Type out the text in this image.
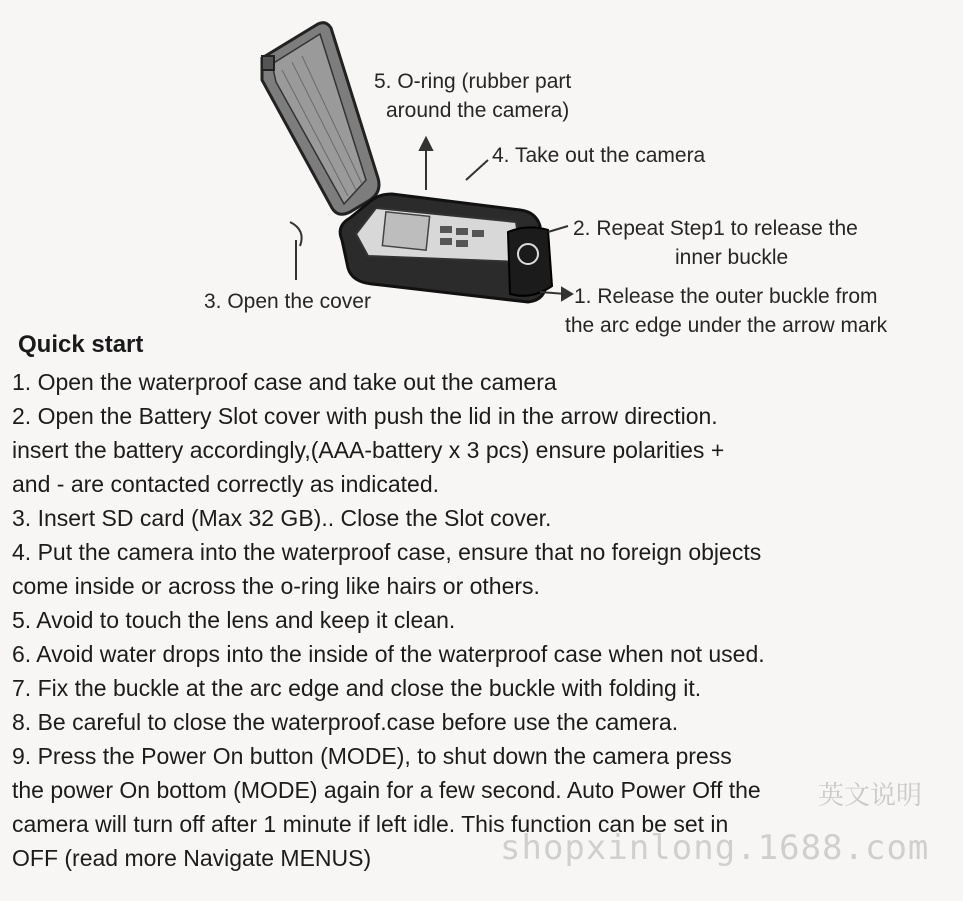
5. O-ring (rubber part
around the camera)
4. Take out the camera
2. Repeat Step1 to release the
inner buckle
3. Open the cover	1. Release the outer buckle from
the arc edge under the arrow mark
Quick start
1. Open the waterproof case and take out the camera
2. Open the Battery Slot cover with push the lid in the arrow direction.
insert the battery accordingly,(AAA-battery x 3 pcs) ensure polarities +
and - are contacted correctly as indicated.
3. Insert SD card (Max 32 GB).. Close the Slot cover.
4. Put the camera into the waterproof case, ensure that no foreign objects
come inside or across the o-ring like hairs or others.
5. Avoid to touch the lens and keep it clean.
6. Avoid water drops into the inside of the waterproof case when not used.
7. Fix the buckle at the arc edge and close the buckle with folding it.
8. Be careful to close the waterproof.case before use the camera.
9. Press the Power On button (MODE), to shut down the camera press
the power On bottom (MODE) again for a few second. Auto Power Off the
camera will turn off after 1 minute if left idle. This function can be set in
OFF (read more Navigate MENUS)
英文说明
shopxinlong.1688.com
